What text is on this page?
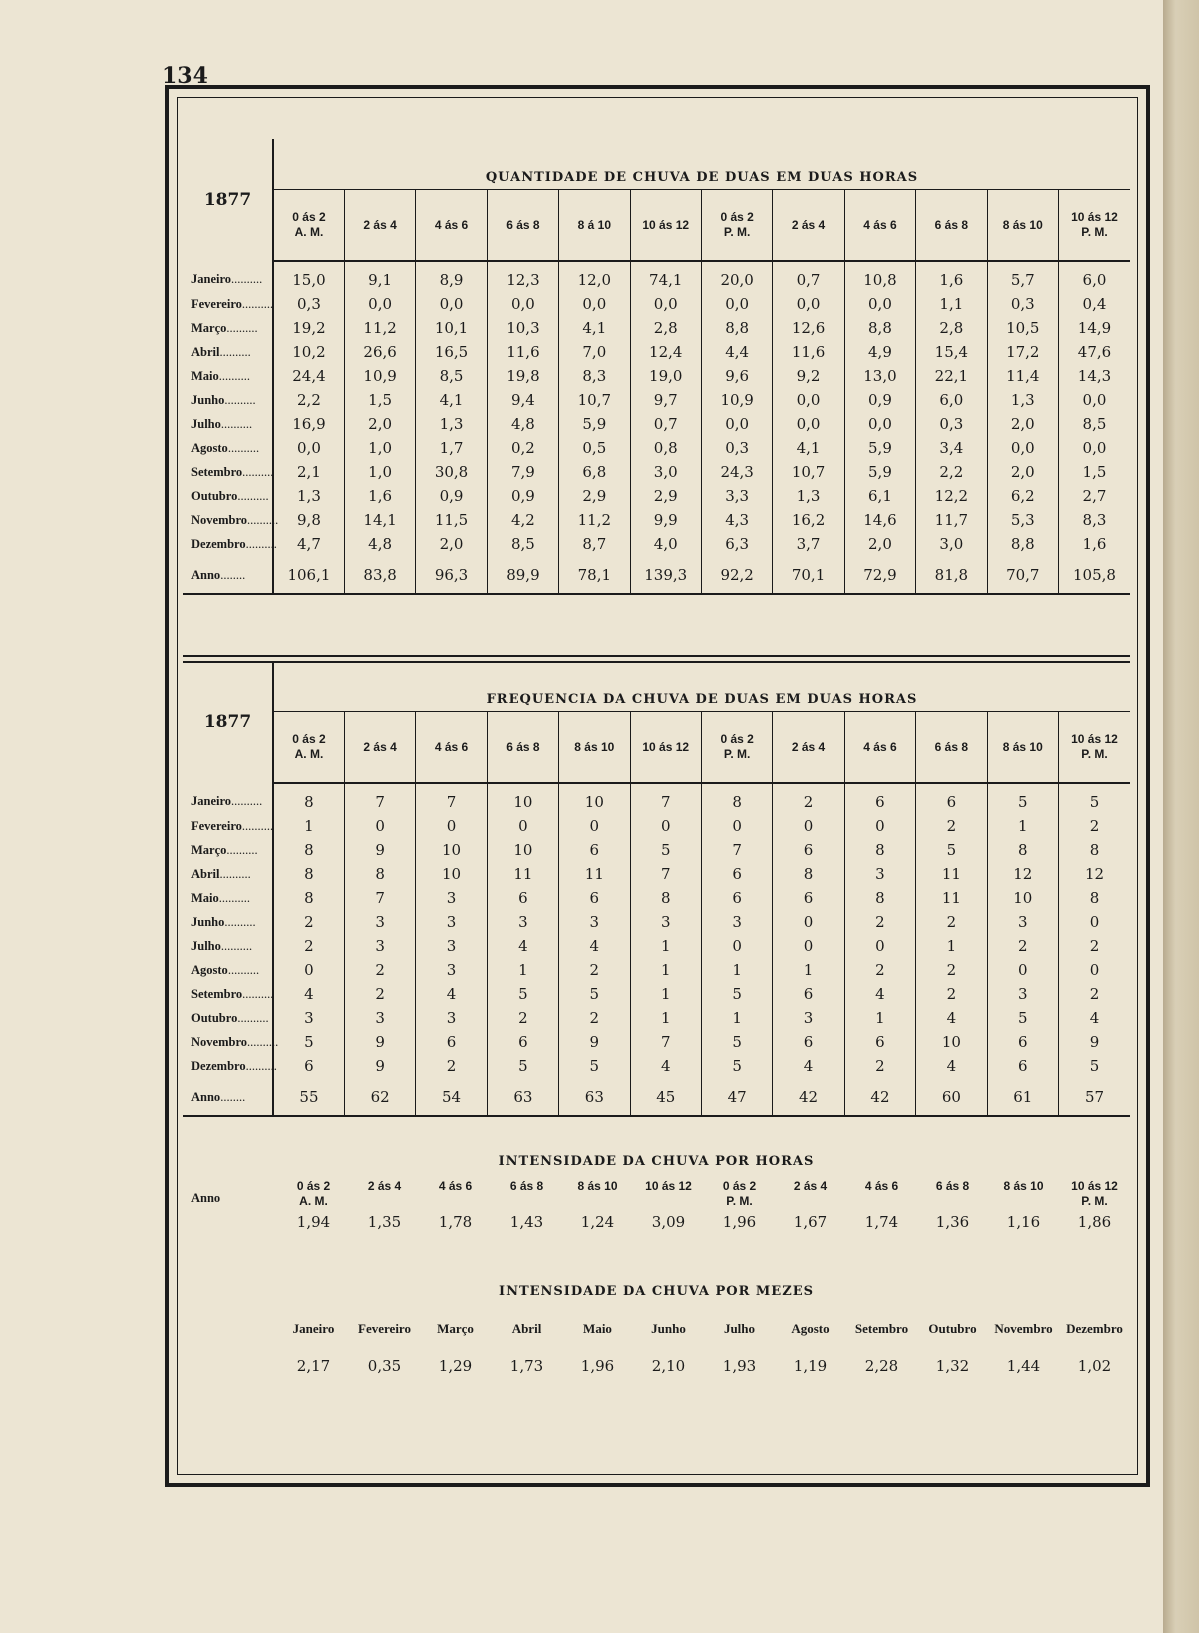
134
1877	QUANTIDADE DE CHUVA DE DUAS EM DUAS HORAS											
	0 ás 2
A. M.	2 ás 4	4 ás 6	6 ás 8	8 á 10	10 ás 12	0 ás 2
P. M.	2 ás 4	4 ás 6	6 ás 8	8 ás 10	10 ás 12
P. M.
Janeiro..........	15,0	9,1	8,9	12,3	12,0	74,1	20,0	0,7	10,8	1,6	5,7	6,0
Fevereiro..........	0,3	0,0	0,0	0,0	0,0	0,0	0,0	0,0	0,0	1,1	0,3	0,4
Março..........	19,2	11,2	10,1	10,3	4,1	2,8	8,8	12,6	8,8	2,8	10,5	14,9
Abril..........	10,2	26,6	16,5	11,6	7,0	12,4	4,4	11,6	4,9	15,4	17,2	47,6
Maio..........	24,4	10,9	8,5	19,8	8,3	19,0	9,6	9,2	13,0	22,1	11,4	14,3
Junho..........	2,2	1,5	4,1	9,4	10,7	9,7	10,9	0,0	0,9	6,0	1,3	0,0
Julho..........	16,9	2,0	1,3	4,8	5,9	0,7	0,0	0,0	0,0	0,3	2,0	8,5
Agosto..........	0,0	1,0	1,7	0,2	0,5	0,8	0,3	4,1	5,9	3,4	0,0	0,0
Setembro..........	2,1	1,0	30,8	7,9	6,8	3,0	24,3	10,7	5,9	2,2	2,0	1,5
Outubro..........	1,3	1,6	0,9	0,9	2,9	2,9	3,3	1,3	6,1	12,2	6,2	2,7
Novembro..........	9,8	14,1	11,5	4,2	11,2	9,9	4,3	16,2	14,6	11,7	5,3	8,3
Dezembro..........	4,7	4,8	2,0	8,5	8,7	4,0	6,3	3,7	2,0	3,0	8,8	1,6
Anno........	106,1	83,8	96,3	89,9	78,1	139,3	92,2	70,1	72,9	81,8	70,7	105,8
1877	FREQUENCIA DA CHUVA DE DUAS EM DUAS HORAS											
	0 ás 2
A. M.	2 ás 4	4 ás 6	6 ás 8	8 ás 10	10 ás 12	0 ás 2
P. M.	2 ás 4	4 ás 6	6 ás 8	8 ás 10	10 ás 12
P. M.
Janeiro..........	8	7	7	10	10	7	8	2	6	6	5	5
Fevereiro..........	1	0	0	0	0	0	0	0	0	2	1	2
Março..........	8	9	10	10	6	5	7	6	8	5	8	8
Abril..........	8	8	10	11	11	7	6	8	3	11	12	12
Maio..........	8	7	3	6	6	8	6	6	8	11	10	8
Junho..........	2	3	3	3	3	3	3	0	2	2	3	0
Julho..........	2	3	3	4	4	1	0	0	0	1	2	2
Agosto..........	0	2	3	1	2	1	1	1	2	2	0	0
Setembro..........	4	2	4	5	5	1	5	6	4	2	3	2
Outubro..........	3	3	3	2	2	1	1	3	1	4	5	4
Novembro..........	5	9	6	6	9	7	5	6	6	10	6	9
Dezembro..........	6	9	2	5	5	4	5	4	2	4	6	5
Anno........	55	62	54	63	63	45	47	42	42	60	61	57
INTENSIDADE DA CHUVA POR HORAS
0 ás 2
A. M.
2 ás 4	4 ás 6	6 ás 8	8 ás 10	10 ás 12	0 ás 2
P. M.
2 ás 4	4 ás 6	6 ás 8	8 ás 10	10 ás 12
P. M.
Anno
1,94	1,35	1,78	1,43	1,24	3,09	1,96	1,67	1,74	1,36	1,16	1,86
INTENSIDADE DA CHUVA POR MEZES
Janeiro	Fevereiro	Março	Abril	Maio	Junho	Julho	Agosto	Setembro	Outubro	Novembro	Dezembro
2,17	0,35	1,29	1,73	1,96	2,10	1,93	1,19	2,28	1,32	1,44	1,02
